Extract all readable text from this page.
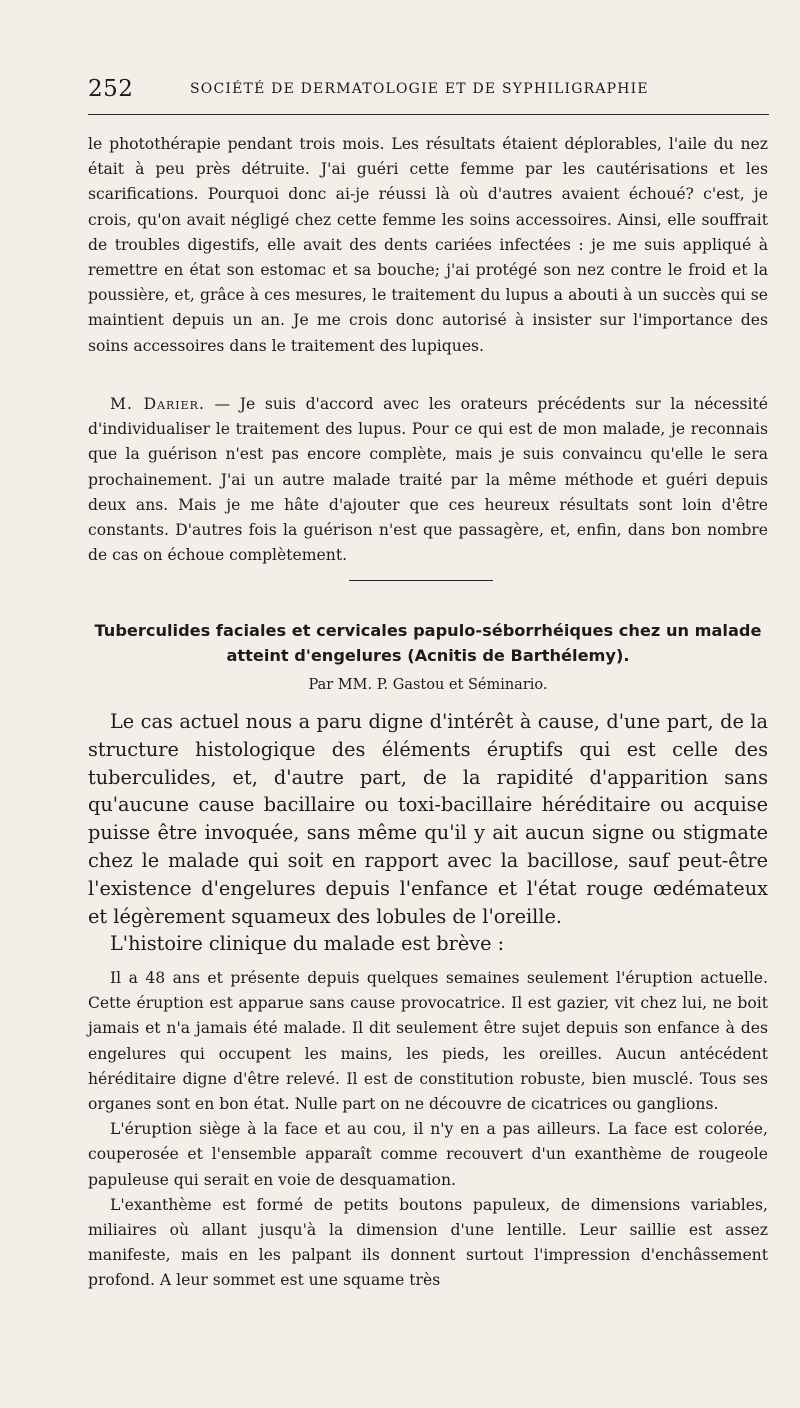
252	SOCIÉTÉ DE DERMATOLOGIE ET DE SYPHILIGRAPHIE

le photothérapie pendant trois mois. Les résultats étaient déplorables, l'aile du nez était à peu près détruite. J'ai guéri cette femme par les cautérisations et les scarifications. Pourquoi donc ai-je réussi là où d'autres avaient échoué? c'est, je crois, qu'on avait négligé chez cette femme les soins accessoires. Ainsi, elle souffrait de troubles digestifs, elle avait des dents cariées infectées : je me suis appliqué à remettre en état son estomac et sa bouche; j'ai protégé son nez contre le froid et la poussière, et, grâce à ces mesures, le traitement du lupus a abouti à un succès qui se maintient depuis un an. Je me crois donc autorisé à insister sur l'importance des soins accessoires dans le traitement des lupiques.

M. Darier. — Je suis d'accord avec les orateurs précédents sur la nécessité d'individualiser le traitement des lupus. Pour ce qui est de mon malade, je reconnais que la guérison n'est pas encore complète, mais je suis convaincu qu'elle le sera prochainement. J'ai un autre malade traité par la même méthode et guéri depuis deux ans. Mais je me hâte d'ajouter que ces heureux résultats sont loin d'être constants. D'autres fois la guérison n'est que passagère, et, enfin, dans bon nombre de cas on échoue complètement.

Tuberculides faciales et cervicales papulo-séborrhéiques chez un malade atteint d'engelures (Acnitis de Barthélemy).
Par MM. P. Gastou et Séminario.

Le cas actuel nous a paru digne d'intérêt à cause, d'une part, de la structure histologique des éléments éruptifs qui est celle des tuberculides, et, d'autre part, de la rapidité d'apparition sans qu'aucune cause bacillaire ou toxi-bacillaire héréditaire ou acquise puisse être invoquée, sans même qu'il y ait aucun signe ou stigmate chez le malade qui soit en rapport avec la bacillose, sauf peut-être l'existence d'engelures depuis l'enfance et l'état rouge œdémateux et légèrement squameux des lobules de l'oreille.

L'histoire clinique du malade est brève :

Il a 48 ans et présente depuis quelques semaines seulement l'éruption actuelle. Cette éruption est apparue sans cause provocatrice. Il est gazier, vit chez lui, ne boit jamais et n'a jamais été malade. Il dit seulement être sujet depuis son enfance à des engelures qui occupent les mains, les pieds, les oreilles. Aucun antécédent héréditaire digne d'être relevé. Il est de constitution robuste, bien musclé. Tous ses organes sont en bon état. Nulle part on ne découvre de cicatrices ou ganglions.

L'éruption siège à la face et au cou, il n'y en a pas ailleurs. La face est colorée, couperosée et l'ensemble apparaît comme recouvert d'un exanthème de rougeole papuleuse qui serait en voie de desquamation.

L'exanthème est formé de petits boutons papuleux, de dimensions variables, miliaires où allant jusqu'à la dimension d'une lentille. Leur saillie est assez manifeste, mais en les palpant ils donnent surtout l'impression d'enchâssement profond. A leur sommet est une squame très
